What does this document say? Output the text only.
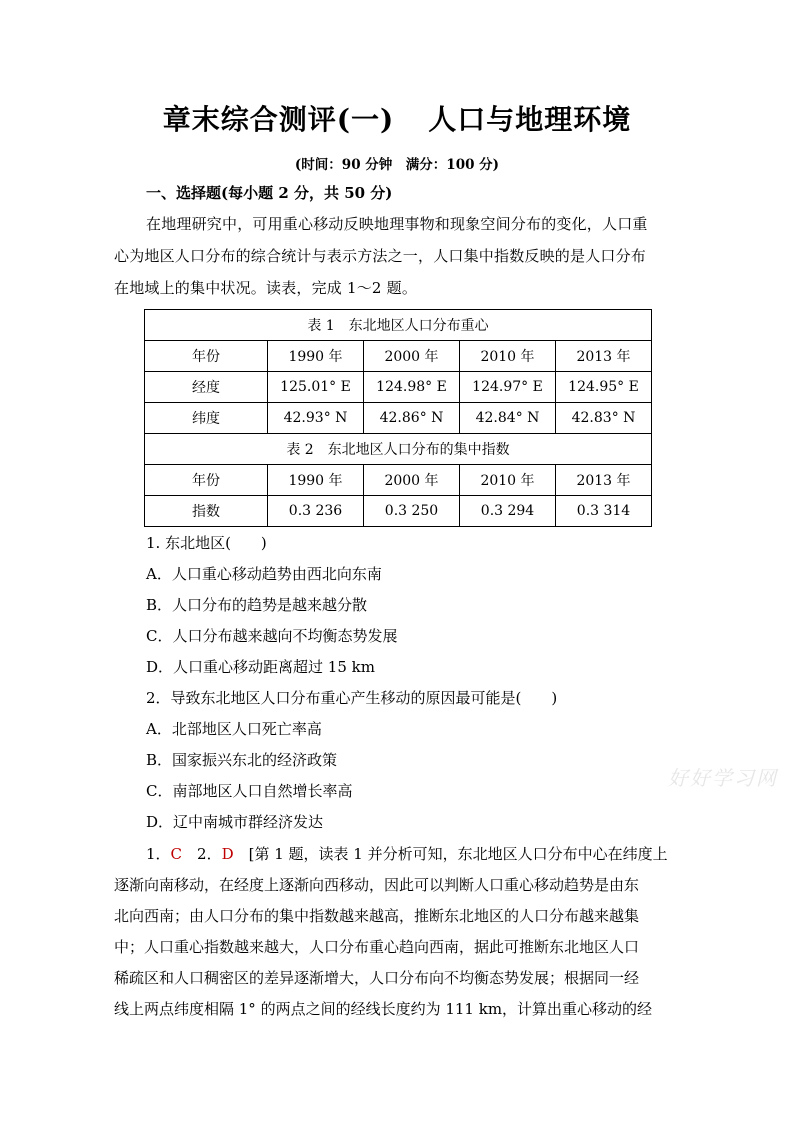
章末综合测评(一) 人口与地理环境
(时间：90 分钟　满分：100 分)
一、选择题(每小题 2 分，共 50 分)
在地理研究中，可用重心移动反映地理事物和现象空间分布的变化，人口重
心为地区人口分布的综合统计与表示方法之一，人口集中指数反映的是人口分布
在地域上的集中状况。读表，完成 1～2 题。
表 1　东北地区人口分布重心				
年份	1990 年	2000 年	2010 年	2013 年
经度	125.01° E	124.98° E	124.97° E	124.95° E
纬度	42.93° N	42.86° N	42.84° N	42.83° N
表 2　东北地区人口分布的集中指数				
年份	1990 年	2000 年	2010 年	2013 年
指数	0.3 236	0.3 250	0.3 294	0.3 314
1. 东北地区(　　)
A．人口重心移动趋势由西北向东南
B．人口分布的趋势是越来越分散
C．人口分布越来越向不均衡态势发展
D．人口重心移动距离超过 15 km
2．导致东北地区人口分布重心产生移动的原因最可能是(　　)
A．北部地区人口死亡率高
B．国家振兴东北的经济政策
C．南部地区人口自然增长率高
D．辽中南城市群经济发达
1．C　2．D　[第 1 题，读表 1 并分析可知，东北地区人口分布中心在纬度上
逐渐向南移动，在经度上逐渐向西移动，因此可以判断人口重心移动趋势是由东
北向西南；由人口分布的集中指数越来越高，推断东北地区的人口分布越来越集
中；人口重心指数越来越大，人口分布重心趋向西南，据此可推断东北地区人口
稀疏区和人口稠密区的差异逐渐增大，人口分布向不均衡态势发展；根据同一经
线上两点纬度相隔 1° 的两点之间的经线长度约为 111 km，计算出重心移动的经
好好学习网
